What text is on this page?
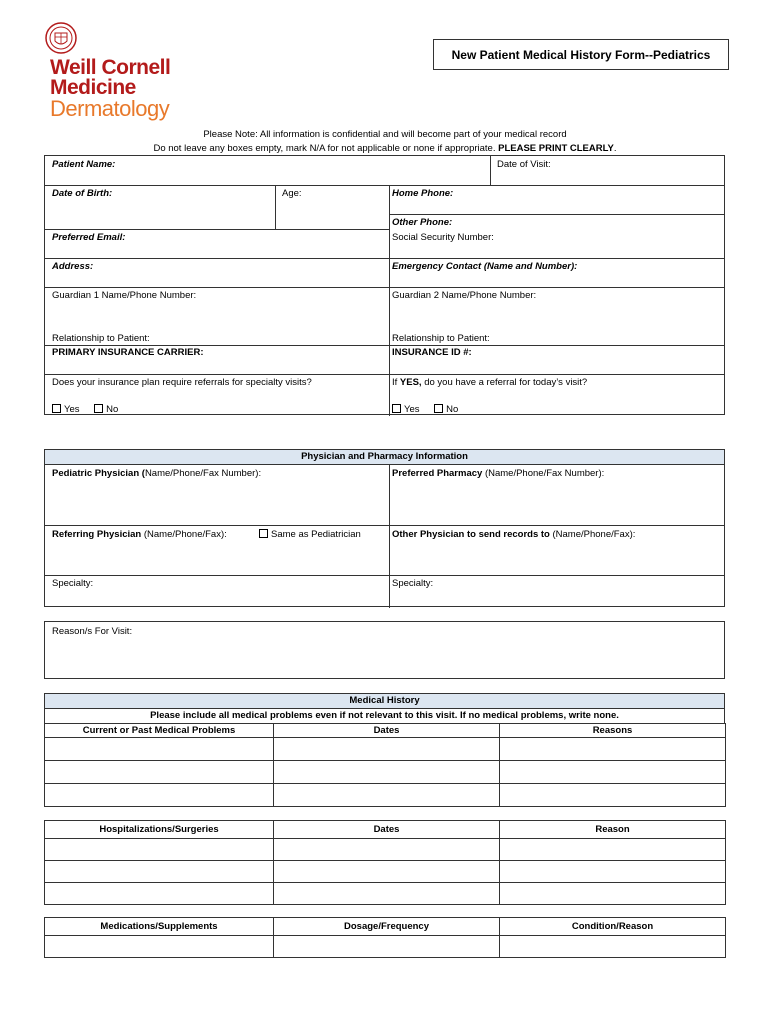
Weill Cornell
Medicine
Dermatology
New Patient Medical History Form--Pediatrics
Please Note: All information is confidential and will become part of your medical record
Do not leave any boxes empty, mark N/A for not applicable or none if appropriate. PLEASE PRINT CLEARLY.
Patient Name:	Date of Visit:
Date of Birth:	Age:	Home Phone:
Other Phone:
Preferred Email:	Social Security Number:
Address:	Emergency Contact (Name and Number):
Guardian 1 Name/Phone Number:	Guardian 2 Name/Phone Number:
Relationship to Patient:	Relationship to Patient:
PRIMARY INSURANCE CARRIER:	INSURANCE ID #:
Does your insurance plan require referrals for specialty visits?	If YES, do you have a referral for today’s visit?
Yes	No	Yes	No
Physician and Pharmacy Information
Pediatric Physician (Name/Phone/Fax Number):	Preferred Pharmacy (Name/Phone/Fax Number):
Referring Physician (Name/Phone/Fax):	Same as Pediatrician	Other Physician to send records to (Name/Phone/Fax):
Specialty:	Specialty:
Reason/s For Visit:
Medical History
Please include all medical problems even if not relevant to this visit. If no medical problems, write none.
Current or Past Medical Problems	Dates	Reasons

Hospitalizations/Surgeries	Dates	Reason

Medications/Supplements	Dosage/Frequency	Condition/Reason
